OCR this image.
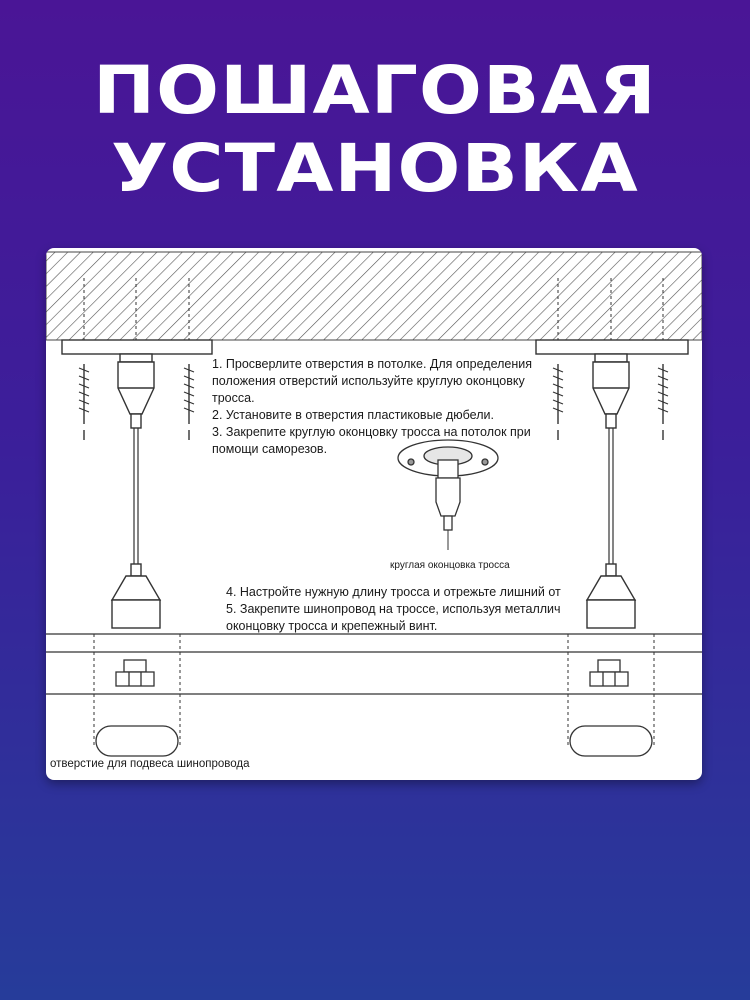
ПОШАГОВАЯ
УСТАНОВКА
1. Просверлите отверстия в потолке. Для определения
положения отверстий используйте круглую оконцовку
тросса.
2. Установите в отверстия пластиковые дюбели.
3. Закрепите круглую оконцовку тросса на потолок при
помощи саморезов.
круглая оконцовка тросса
4. Настройте нужную длину тросса и отрежьте лишний от
5. Закрепите шинопровод на трoссе, используя металлич
оконцовку тросса и крепежный винт.
отверстие для подвеса шинопровода
